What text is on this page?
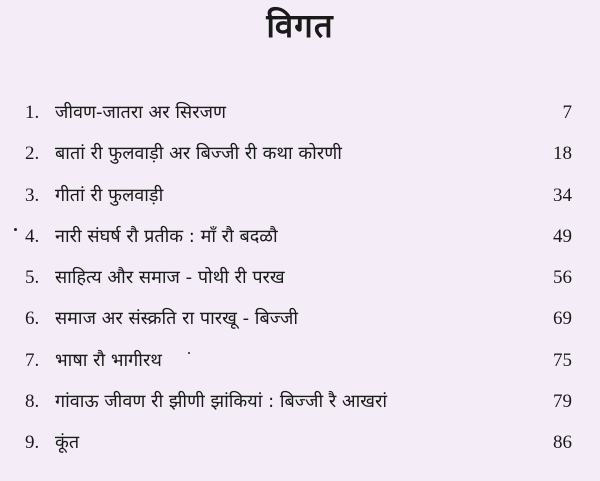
विगत
1. जीवण-जातरा अर सिरजण	7
2. बातां री फुलवाड़ी अर बिज्जी री कथा कोरणी	18
3. गीतां री फुलवाड़ी	34
4. नारी संघर्ष रौ प्रतीक : माँ रौ बदळौ	49
5. साहित्य और समाज - पोथी री परख	56
6. समाज अर संस्क्रति रा पारखू - बिज्जी	69
7. भाषा रौ भागीरथ	75
8. गांवाऊ जीवण री झीणी झांकियां : बिज्जी रै आखरां	79
9. कूंत	86
